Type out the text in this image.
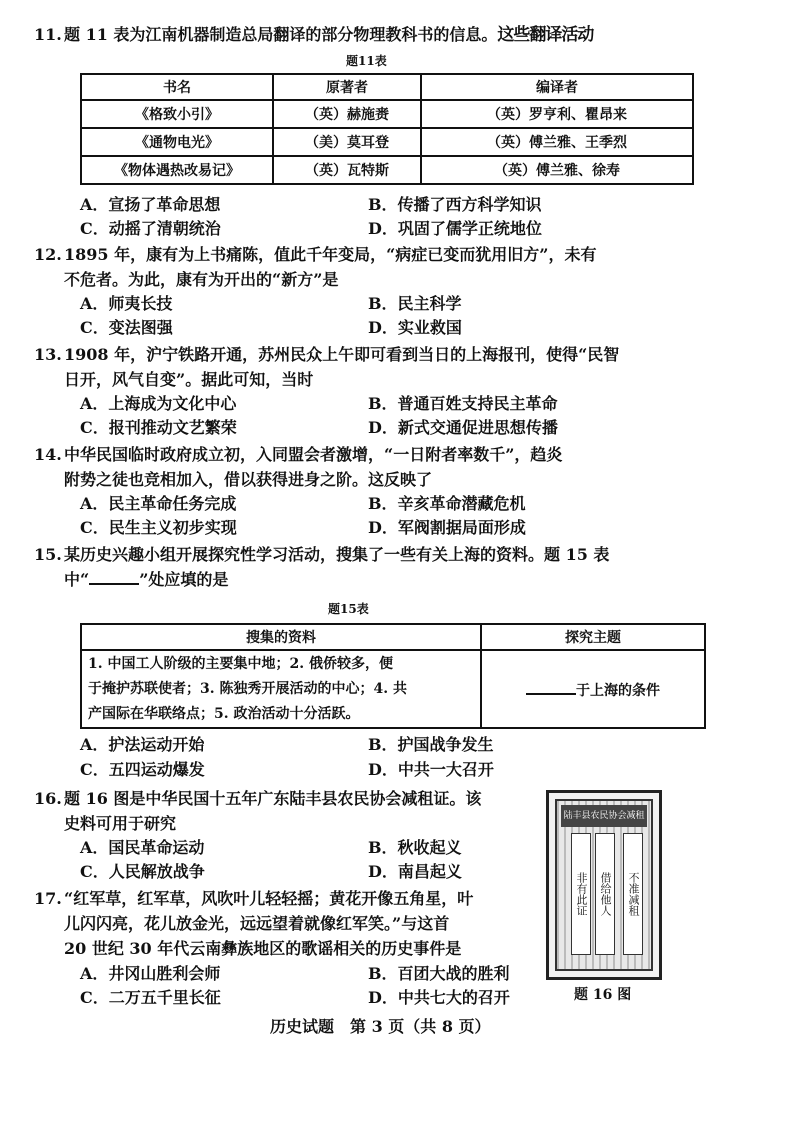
11. 题 11 表为江南机器制造总局翻译的部分物理教科书的信息。这些翻译活动
题11表
书名	原著者	编译者
《格致小引》	（英）赫施赉	（英）罗亨利、瞿昂来
《通物电光》	（美）莫耳登	（英）傅兰雅、王季烈
《物体遇热改易记》	（英）瓦特斯	（英）傅兰雅、徐寿
A．宣扬了革命思想	B．传播了西方科学知识
C．动摇了清朝统治	D．巩固了儒学正统地位
12. 1895 年，康有为上书痛陈，值此千年变局，“病症已变而犹用旧方”，未有
不危者。为此，康有为开出的“新方”是
A．师夷长技	B．民主科学
C．变法图强	D．实业救国
13. 1908 年，沪宁铁路开通，苏州民众上午即可看到当日的上海报刊，使得“民智
日开，风气自变”。据此可知，当时
A．上海成为文化中心	B．普通百姓支持民主革命
C．报刊推动文艺繁荣	D．新式交通促进思想传播
14. 中华民国临时政府成立初，入同盟会者激增，“一日附者率数千”，趋炎
附势之徒也竞相加入，借以获得进身之阶。这反映了
A．民主革命任务完成	B．辛亥革命潜藏危机
C．民生主义初步实现	D．军阀割据局面形成
15. 某历史兴趣小组开展探究性学习活动，搜集了一些有关上海的资料。题 15 表
中“	”处应填的是
题15表
搜集的资料	探究主题

1. 中国工人阶级的主要集中地；2. 俄侨较多，便
于掩护苏联使者；3. 陈独秀开展活动的中心；4. 共
产国际在华联络点；5. 政治活动十分活跃。	于上海的条件
A．护法运动开始	B．护国战争发生
C．五四运动爆发	D．中共一大召开
16. 题 16 图是中华民国十五年广东陆丰县农民协会减租证。该
史料可用于研究
A．国民革命运动	B．秋收起义
C．人民解放战争	D．南昌起义
陆丰县农民协会减租
非有此证	借给他人	不准减租
题 16 图
17. “红军草，红军草，风吹叶儿轻轻摇；黄花开像五角星，叶
儿闪闪亮，花儿放金光，远远望着就像红军笑。”与这首
20 世纪 30 年代云南彝族地区的歌谣相关的历史事件是
A．井冈山胜利会师	B．百团大战的胜利
C．二万五千里长征	D．中共七大的召开
历史试题　第 3 页（共 8 页）
